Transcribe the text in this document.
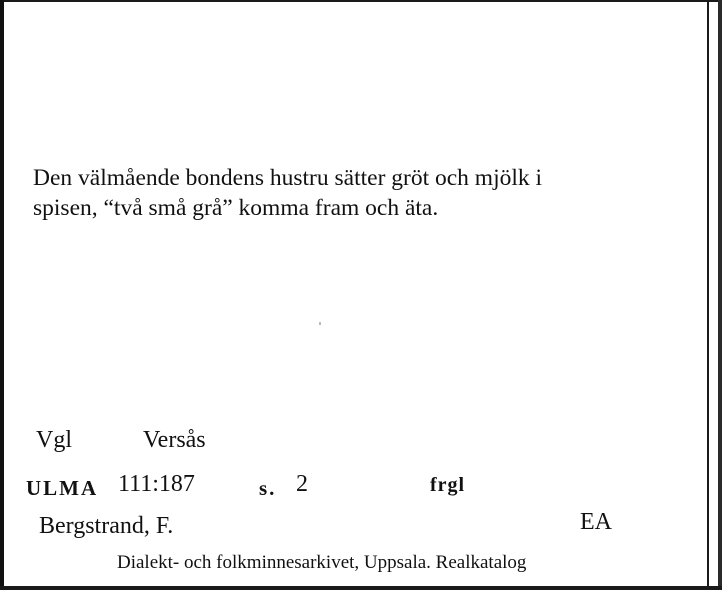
Den välmående bondens hustru sätter gröt och mjölk i
spisen, “två små grå” komma fram och äta.
Vgl	Versås
ULMA 111:187	s. 2	frgl
Bergstrand, F.	EA
Dialekt- och folkminnesarkivet, Uppsala. Realkatalog
